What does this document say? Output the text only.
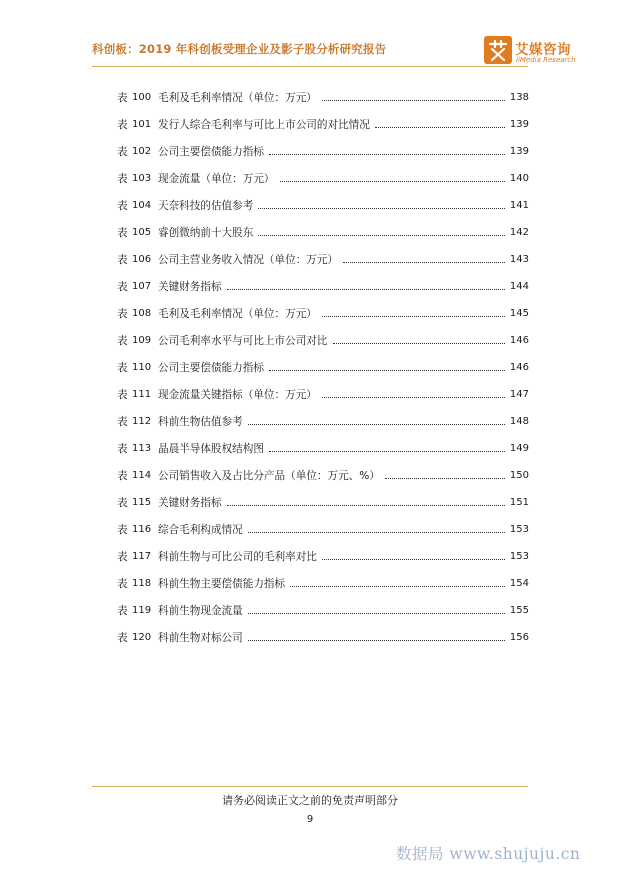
科创板：2019 年科创板受理企业及影子股分析研究报告	艾媒咨询
iiMedia Research
表 100 毛利及毛利率情况（单位：万元）	138
表 101 发行人综合毛利率与可比上市公司的对比情况	139
表 102 公司主要偿债能力指标	139
表 103 现金流量（单位：万元）	140
表 104 天奈科技的估值参考	141
表 105 睿创微纳前十大股东	142
表 106 公司主营业务收入情况（单位：万元）	143
表 107 关键财务指标	144
表 108 毛利及毛利率情况（单位：万元）	145
表 109 公司毛利率水平与可比上市公司对比	146
表 110 公司主要偿债能力指标	146
表 111 现金流量关键指标（单位：万元）	147
表 112 科前生物估值参考	148
表 113 晶晨半导体股权结构图	149
表 114 公司销售收入及占比分产品（单位：万元、%）	150
表 115 关键财务指标	151
表 116 综合毛利构成情况	153
表 117 科前生物与可比公司的毛利率对比	153
表 118 科前生物主要偿债能力指标	154
表 119 科前生物现金流量	155
表 120 科前生物对标公司	156
请务必阅读正文之前的免责声明部分
9
数据局 www.shujuju.cn
